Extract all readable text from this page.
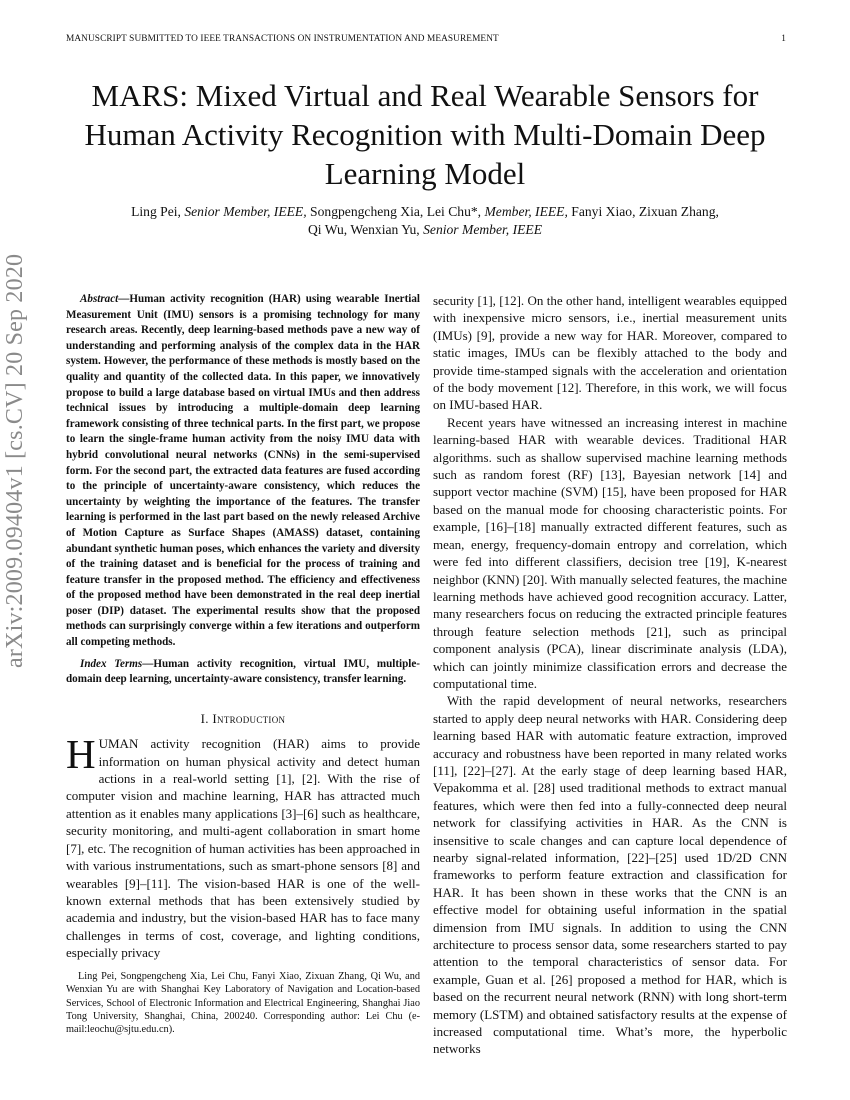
MANUSCRIPT SUBMITTED TO IEEE TRANSACTIONS ON INSTRUMENTATION AND MEASUREMENT	1
arXiv:2009.09404v1 [cs.CV] 20 Sep 2020
MARS: Mixed Virtual and Real Wearable Sensors for Human Activity Recognition with Multi-Domain Deep Learning Model
Ling Pei, Senior Member, IEEE, Songpengcheng Xia, Lei Chu*, Member, IEEE, Fanyi Xiao, Zixuan Zhang,
Qi Wu, Wenxian Yu, Senior Member, IEEE

Abstract—Human activity recognition (HAR) using wearable Inertial Measurement Unit (IMU) sensors is a promising technology for many research areas. Recently, deep learning-based methods pave a new way of understanding and performing analysis of the complex data in the HAR system. However, the performance of these methods is mostly based on the quality and quantity of the collected data. In this paper, we innovatively propose to build a large database based on virtual IMUs and then address technical issues by introducing a multiple-domain deep learning framework consisting of three technical parts. In the first part, we propose to learn the single-frame human activity from the noisy IMU data with hybrid convolutional neural networks (CNNs) in the semi-supervised form. For the second part, the extracted data features are fused according to the principle of uncertainty-aware consistency, which reduces the uncertainty by weighting the importance of the features. The transfer learning is performed in the last part based on the newly released Archive of Motion Capture as Surface Shapes (AMASS) dataset, containing abundant synthetic human poses, which enhances the variety and diversity of the training dataset and is beneficial for the process of training and feature transfer in the proposed method. The efficiency and effectiveness of the proposed method have been demonstrated in the real deep inertial poser (DIP) dataset. The experimental results show that the proposed methods can surprisingly converge within a few iterations and outperform all competing methods.

Index Terms—Human activity recognition, virtual IMU, multiple-domain deep learning, uncertainty-aware consistency, transfer learning.

I. Introduction

HUMAN activity recognition (HAR) aims to provide information on human physical activity and detect human actions in a real-world setting [1], [2]. With the rise of computer vision and machine learning, HAR has attracted much attention as it enables many applications [3]–[6] such as healthcare, security monitoring, and multi-agent collaboration in smart home [7], etc. The recognition of human activities has been approached in with various instrumentations, such as smart-phone sensors [8] and wearables [9]–[11]. The vision-based HAR is one of the well-known external methods that has been extensively studied by academia and industry, but the vision-based HAR has to face many challenges in terms of cost, coverage, and lighting conditions, especially privacy

Ling Pei, Songpengcheng Xia, Lei Chu, Fanyi Xiao, Zixuan Zhang, Qi Wu, and Wenxian Yu are with Shanghai Key Laboratory of Navigation and Location-based Services, School of Electronic Information and Electrical Engineering, Shanghai Jiao Tong University, Shanghai, China, 200240. Corresponding author: Lei Chu (e-mail:leochu@sjtu.edu.cn).

security [1], [12]. On the other hand, intelligent wearables equipped with inexpensive micro sensors, i.e., inertial measurement units (IMUs) [9], provide a new way for HAR. Moreover, compared to static images, IMUs can be flexibly attached to the body and provide time-stamped signals with the acceleration and orientation of the body movement [12]. Therefore, in this work, we will focus on IMU-based HAR.

Recent years have witnessed an increasing interest in machine learning-based HAR with wearable devices. Traditional HAR algorithms. such as shallow supervised machine learning methods such as random forest (RF) [13], Bayesian network [14] and support vector machine (SVM) [15], have been proposed for HAR based on the manual mode for choosing characteristic points. For example, [16]–[18] manually extracted different features, such as mean, energy, frequency-domain entropy and correlation, which were fed into different classifiers, decision tree [19], K-nearest neighbor (KNN) [20]. With manually selected features, the machine learning methods have achieved good recognition accuracy. Latter, many researchers focus on reducing the extracted principle features through feature selection methods [21], such as principal component analysis (PCA), linear discriminate analysis (LDA), which can jointly minimize classification errors and decrease the computational time.

With the rapid development of neural networks, researchers started to apply deep neural networks with HAR. Considering deep learning based HAR with automatic feature extraction, improved accuracy and robustness have been reported in many related works [11], [22]–[27]. At the early stage of deep learning based HAR, Vepakomma et al. [28] used traditional methods to extract manual features, which were then fed into a fully-connected deep neural network for classifying activities in HAR. As the CNN is insensitive to scale changes and can capture local dependence of nearby signal-related information, [22]–[25] used 1D/2D CNN frameworks to perform feature extraction and classification for HAR. It has been shown in these works that the CNN is an effective model for obtaining useful information in the spatial dimension from IMU signals. In addition to using the CNN architecture to process sensor data, some researchers started to pay attention to the temporal characteristics of sensor data. For example, Guan et al. [26] proposed a method for HAR, which is based on the recurrent neural network (RNN) with long short-term memory (LSTM) and obtained satisfactory results at the expense of increased computational time. What’s more, the hyperbolic networks
